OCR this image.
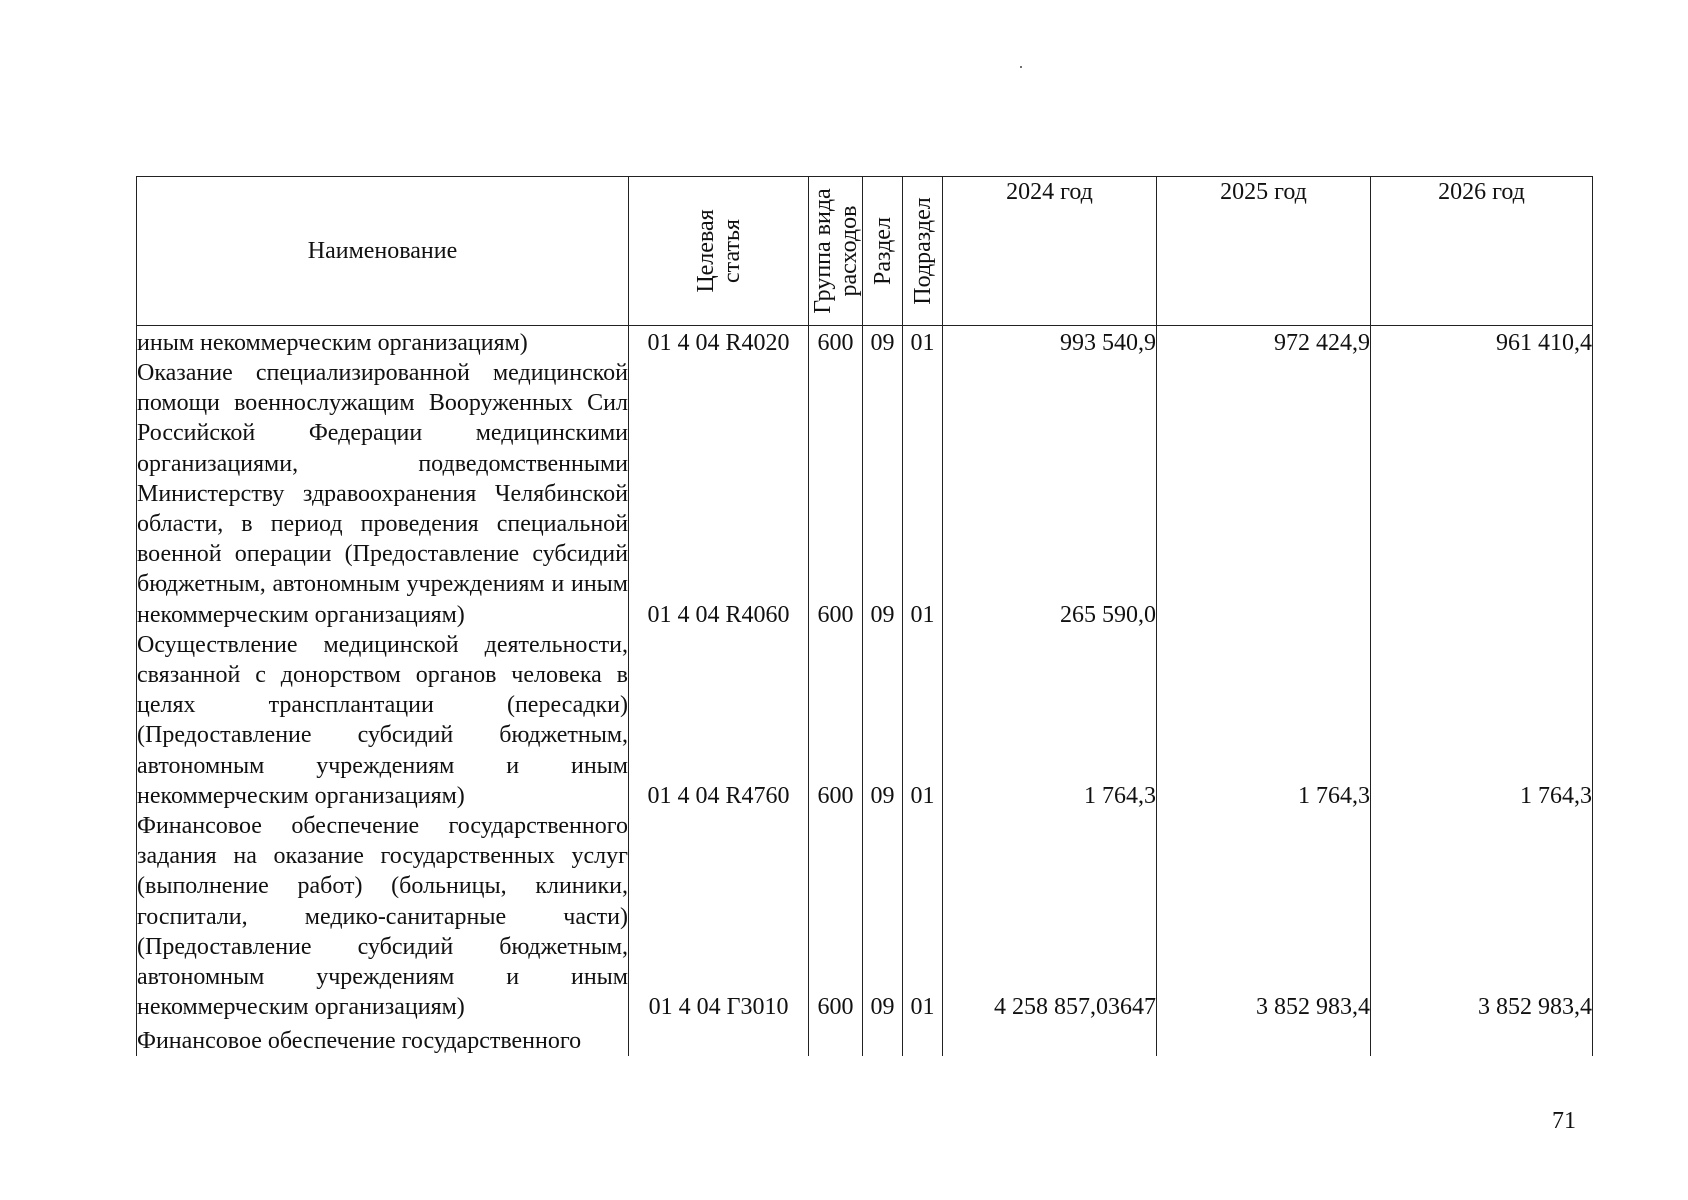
Наименование	Целевая статья	Группа вида расходов	Раздел	Подраздел	2024 год	2025 год	2026 год

иным некоммерческим организациям)	01 4 04 R4020	600	09	01	993 540,9	972 424,9	961 410,4

Оказание специализированной медицинской помощи военнослужащим Вооруженных Сил Российской Федерации медицинскими организациями, подведомственными Министерству здравоохранения Челябинской области, в период проведения специальной военной операции (Предоставление субсидий бюджетным, автономным учреждениям и иным некоммерческим организациям)	01 4 04 R4060	600	09	01	265 590,0		

Осуществление медицинской деятельности, связанной с донорством органов человека в целях трансплантации (пересадки) (Предоставление субсидий бюджетным, автономным учреждениям и иным некоммерческим организациям)	01 4 04 R4760	600	09	01	1 764,3	1 764,3	1 764,3

Финансовое обеспечение государственного задания на оказание государственных услуг (выполнение работ) (больницы, клиники, госпитали, медико-санитарные части) (Предоставление субсидий бюджетным, автономным учреждениям и иным некоммерческим организациям)	01 4 04 Г3010	600	09	01	4 258 857,03647	3 852 983,4	3 852 983,4

Финансовое обеспечение государственного							

71
